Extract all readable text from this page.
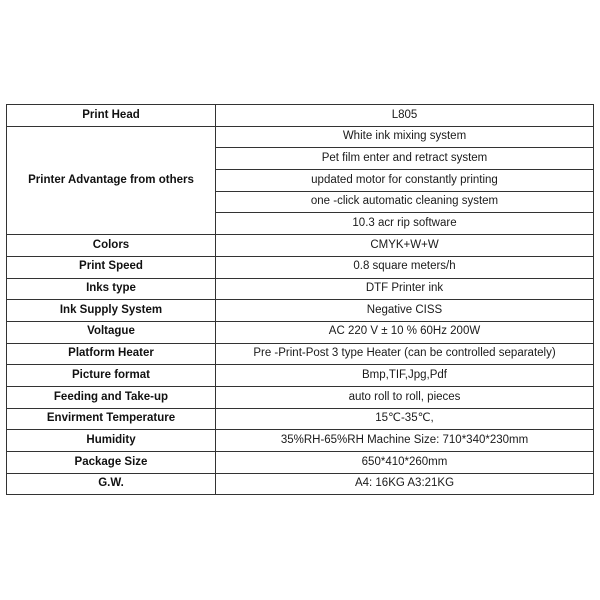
Print Head	L805
Printer Advantage from others	White ink mixing system
	Pet film enter and retract system
	updated motor for constantly printing
	one -click automatic cleaning system
	10.3 acr rip software
Colors	CMYK+W+W
Print Speed	0.8 square meters/h
Inks type	DTF Printer ink
Ink Supply System	Negative CISS
Voltague	AC 220 V ± 10 % 60Hz 200W
Platform Heater	Pre -Print-Post 3 type Heater (can be controlled separately)
Picture format	Bmp,TIF,Jpg,Pdf
Feeding and Take-up	auto roll to roll, pieces
Envirment Temperature	15℃-35℃,
Humidity	35%RH-65%RH Machine Size: 710*340*230mm
Package Size	650*410*260mm
G.W.	A4: 16KG A3:21KG
